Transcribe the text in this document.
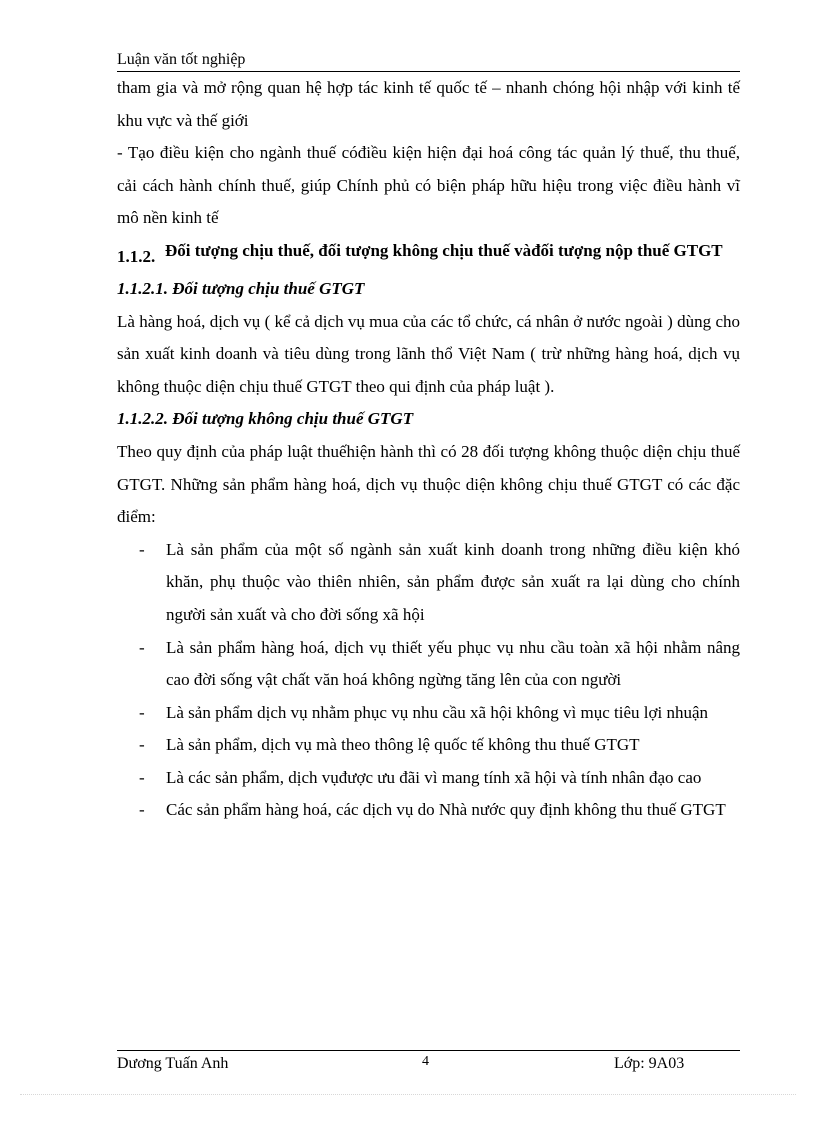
Luận văn tốt nghiệp

tham gia và mở rộng quan hệ hợp tác kinh tế quốc tế – nhanh chóng hội nhập với kinh tế khu vực và thế giới

- Tạo điều kiện cho ngành thuế cóđiều kiện hiện đại hoá công tác quản lý thuế, thu thuế, cải cách hành chính thuế, giúp Chính phủ có biện pháp hữu hiệu trong việc điều hành vĩ mô nền kinh tế

1.1.2. Đối tượng chịu thuế, đối tượng không chịu thuế vàđối tượng nộp thuế GTGT

1.1.2.1. Đối tượng chịu thuế GTGT

Là hàng hoá, dịch vụ ( kể cả dịch vụ mua của các tổ chức, cá nhân ở nước ngoài ) dùng cho sản xuất kinh doanh và tiêu dùng trong lãnh thổ Việt Nam ( trừ những hàng hoá, dịch vụ không thuộc diện chịu thuế GTGT theo qui định của pháp luật ).

1.1.2.2. Đối tượng không chịu thuế GTGT

Theo quy định của pháp luật thuếhiện hành thì có 28 đối tượng không thuộc diện chịu thuế GTGT. Những sản phẩm hàng hoá, dịch vụ thuộc diện không chịu thuế GTGT có các đặc điểm:

- Là sản phẩm của một số ngành sản xuất kinh doanh trong những điều kiện khó khăn, phụ thuộc vào thiên nhiên, sản phẩm được sản xuất ra lại dùng cho chính người sản xuất và cho đời sống xã hội
- Là sản phẩm hàng hoá, dịch vụ thiết yếu phục vụ nhu cầu toàn xã hội nhằm nâng cao đời sống vật chất văn hoá không ngừng tăng lên của con người
- Là sản phẩm dịch vụ nhằm phục vụ nhu cầu xã hội không vì mục tiêu lợi nhuận
- Là sản phẩm, dịch vụ mà theo thông lệ quốc tế không thu thuế GTGT
- Là các sản phẩm, dịch vụđược ưu đãi vì mang tính xã hội và tính nhân đạo cao
- Các sản phẩm hàng hoá, các dịch vụ do Nhà nước quy định không thu thuế GTGT
Dương Tuấn Anh	4	Lớp: 9A03
